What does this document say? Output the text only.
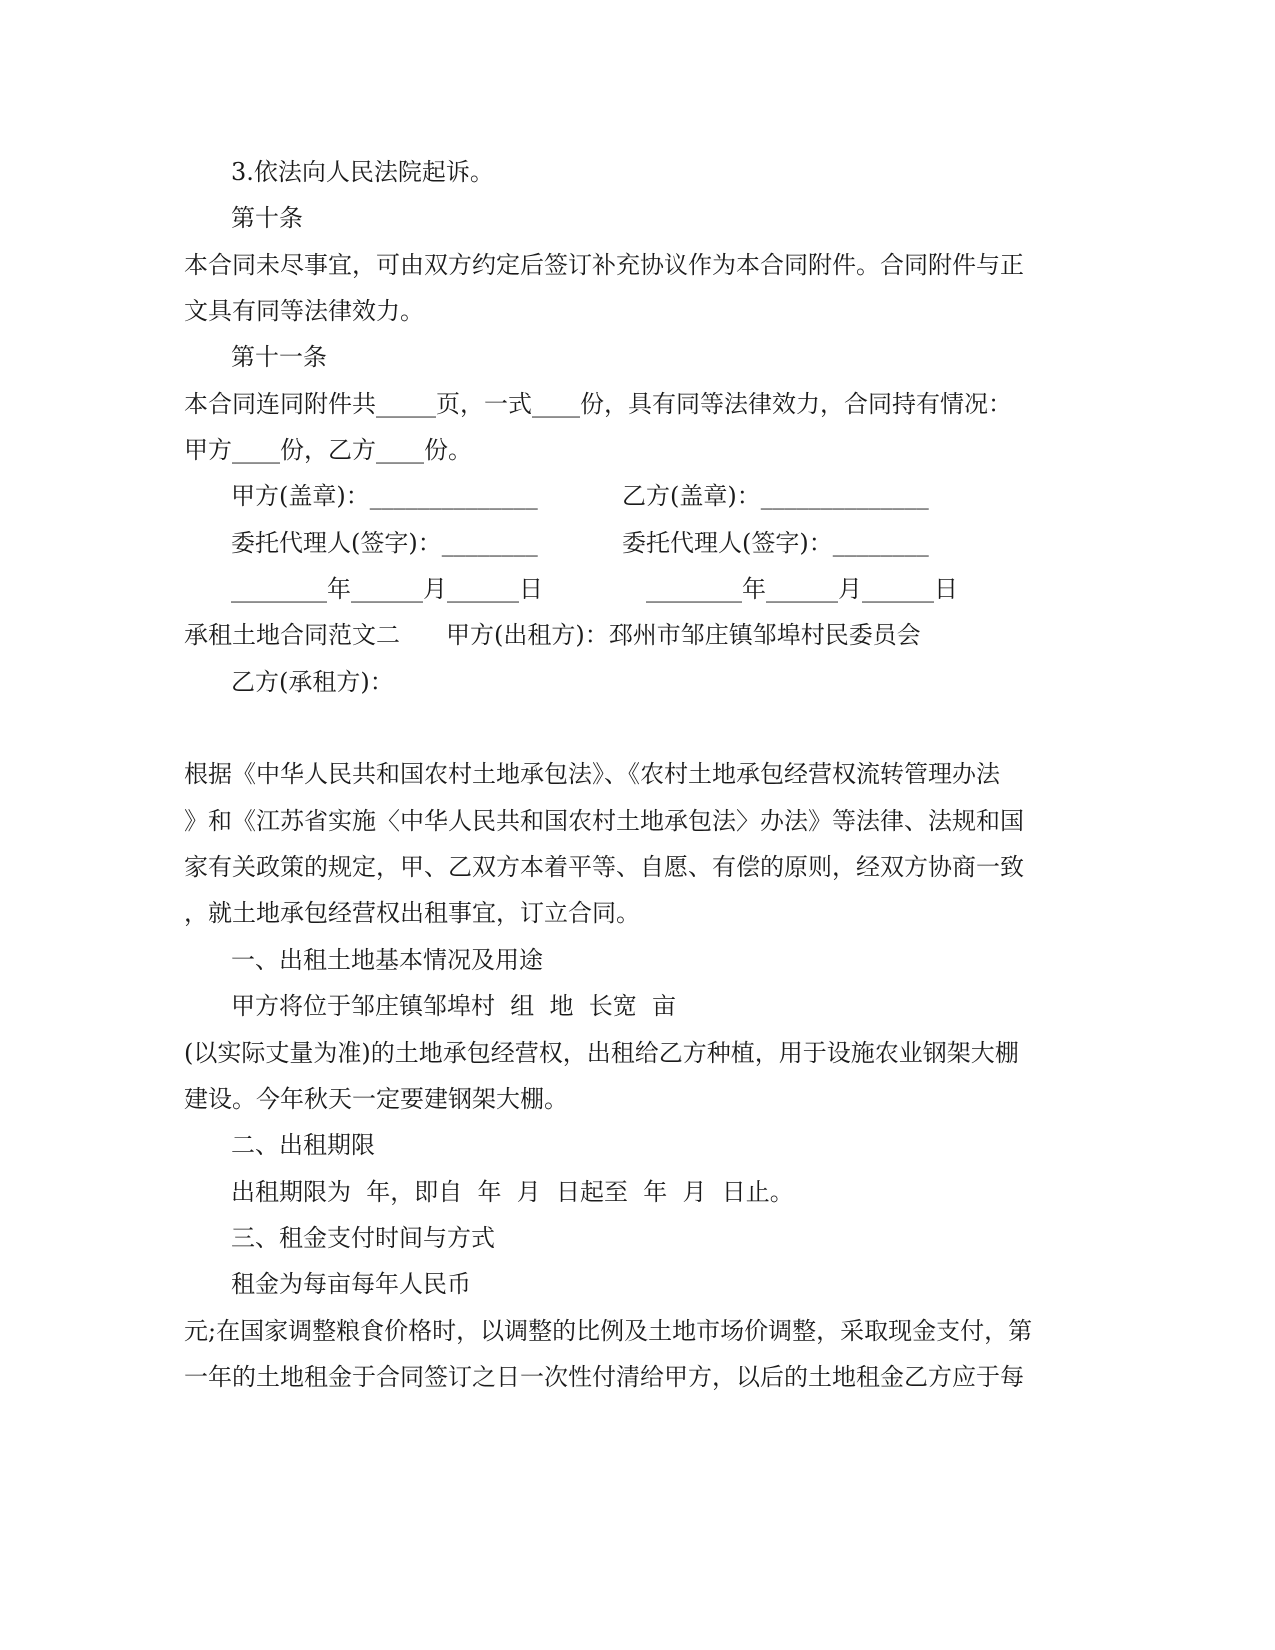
3.依法向人民法院起诉。
第十条
本合同未尽事宜，可由双方约定后签订补充协议作为本合同附件。合同附件与正
文具有同等法律效力。
第十一条
本合同连同附件共_____页，一式____份，具有同等法律效力，合同持有情况：
甲方____份，乙方____份。
甲方(盖章)：______________	乙方(盖章)：______________
委托代理人(签字)：________	委托代理人(签字)：________
________年______月______日	________年______月______日
承租土地合同范文二 甲方(出租方)：邳州市邹庄镇邹埠村民委员会
乙方(承租方)：
根据《中华人民共和国农村土地承包法》、《农村土地承包经营权流转管理办法
》和《江苏省实施〈中华人民共和国农村土地承包法〉办法》等法律、法规和国
家有关政策的规定，甲、乙双方本着平等、自愿、有偿的原则，经双方协商一致
，就土地承包经营权出租事宜，订立合同。
一、出租土地基本情况及用途
甲方将位于邹庄镇邹埠村  组  地  长宽  亩
(以实际丈量为准)的土地承包经营权，出租给乙方种植，用于设施农业钢架大棚
建设。今年秋天一定要建钢架大棚。
二、出租期限
出租期限为  年，即自  年  月  日起至  年  月  日止。
三、租金支付时间与方式
租金为每亩每年人民币
元;在国家调整粮食价格时，以调整的比例及土地市场价调整，采取现金支付，第
一年的土地租金于合同签订之日一次性付清给甲方，以后的土地租金乙方应于每
